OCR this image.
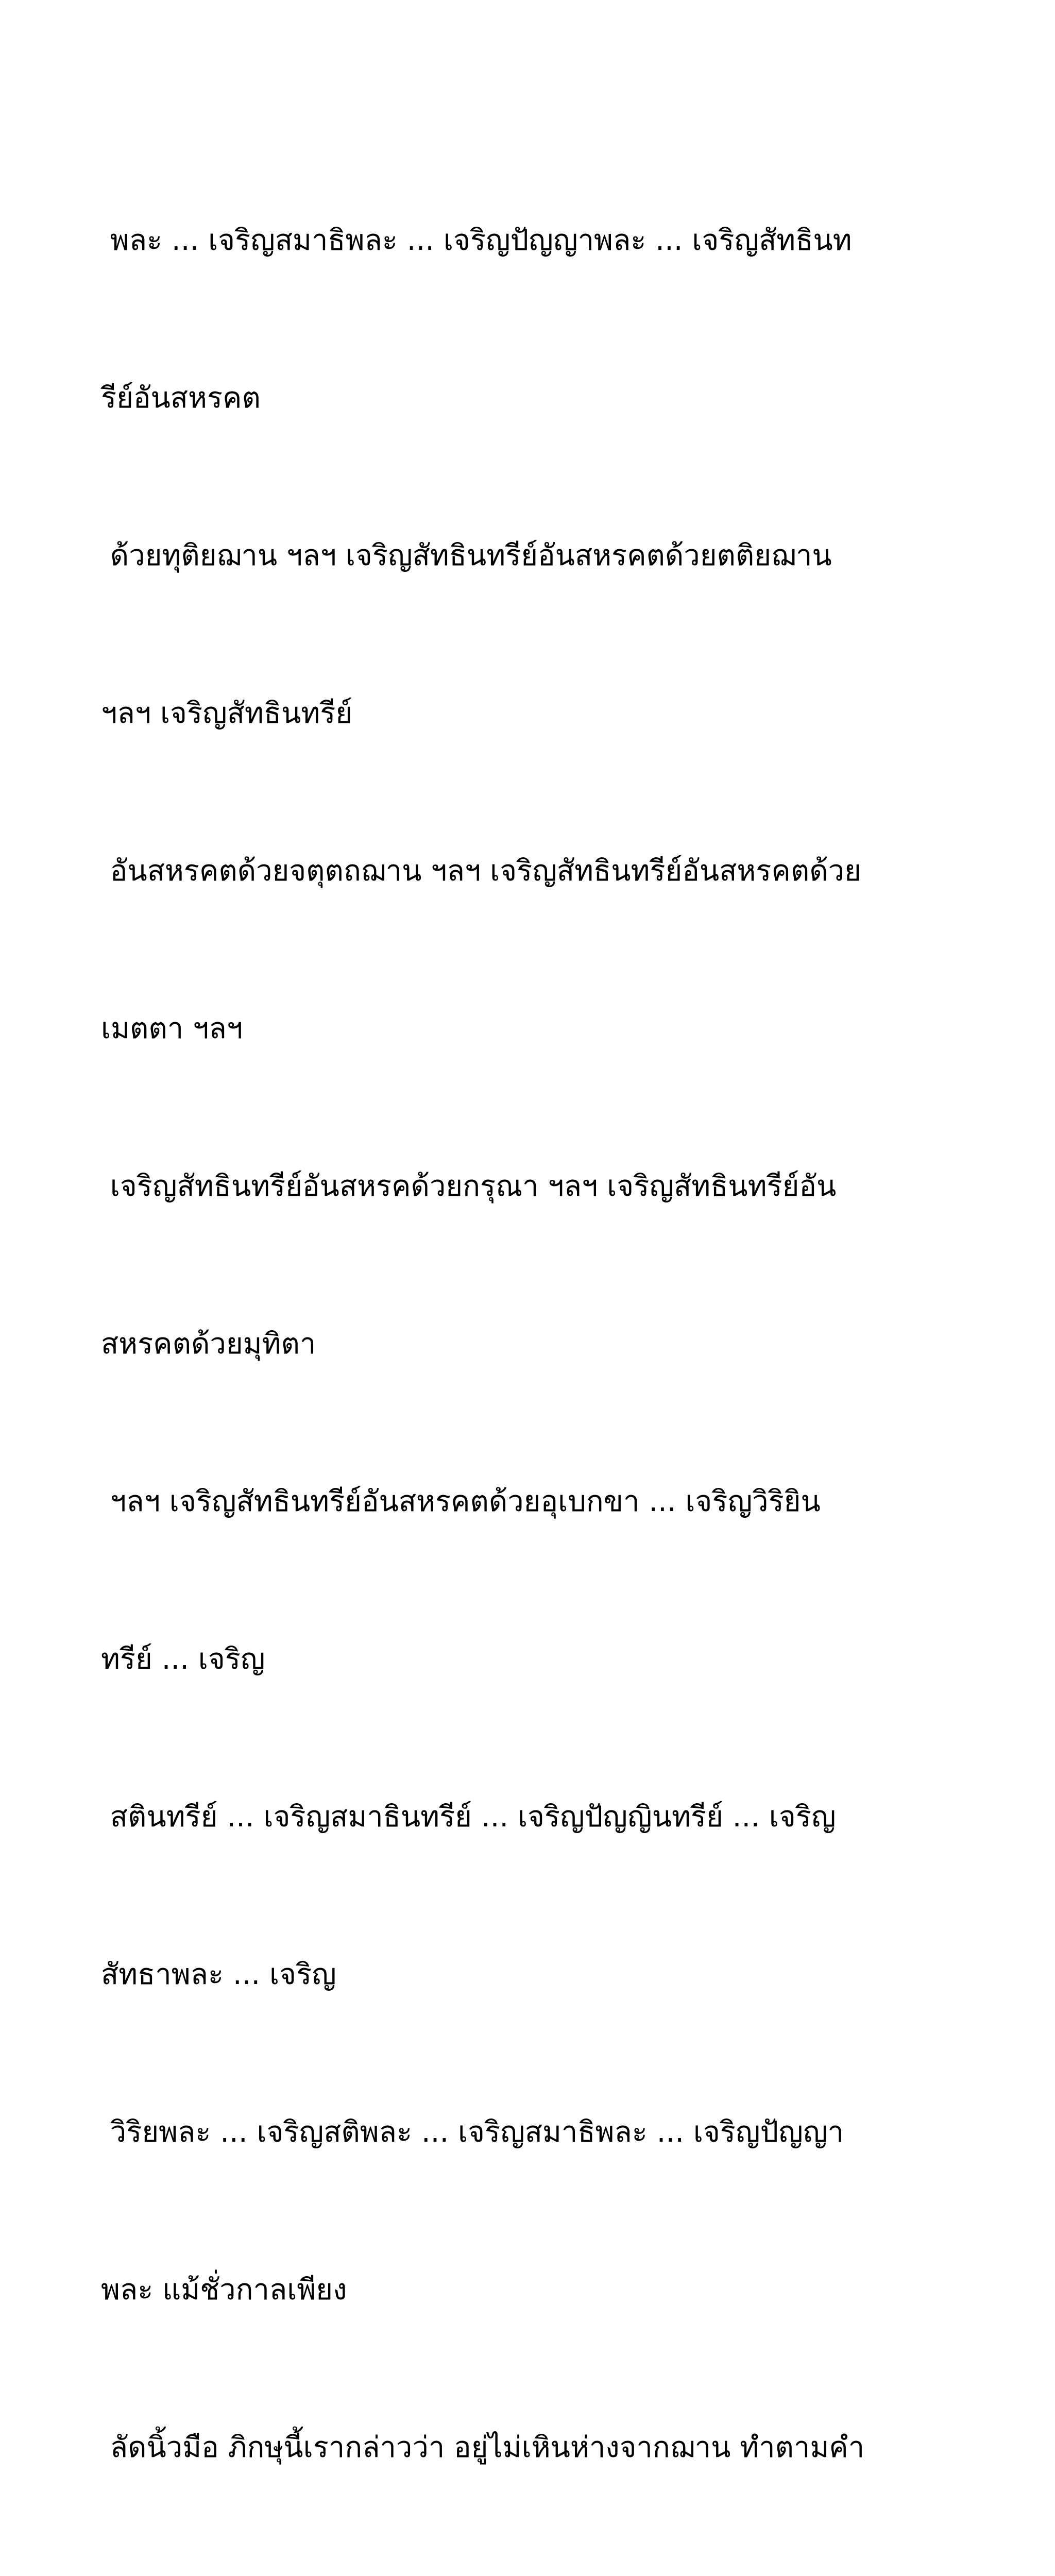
พละ ... เจริญสมาธิพละ ... เจริญปัญญาพละ ... เจริญสัทธินท

รีย์อันสหรคต

ด้วยทุติยฌาน ฯลฯ เจริญสัทธินทรีย์อันสหรคตด้วยตติยฌาน

ฯลฯ เจริญสัทธินทรีย์

อันสหรคตด้วยจตุตถฌาน ฯลฯ เจริญสัทธินทรีย์อันสหรคตด้วย

เมตตา ฯลฯ

เจริญสัทธินทรีย์อันสหรคด้วยกรุณา ฯลฯ เจริญสัทธินทรีย์อัน

สหรคตด้วยมุทิตา

ฯลฯ เจริญสัทธินทรีย์อันสหรคตด้วยอุเบกขา ... เจริญวิริยิน

ทรีย์ ... เจริญ

สตินทรีย์ ... เจริญสมาธินทรีย์ ... เจริญปัญญินทรีย์ ... เจริญ

สัทธาพละ ... เจริญ

วิริยพละ ... เจริญสติพละ ... เจริญสมาธิพละ ... เจริญปัญญา

พละ แม้ชั่วกาลเพียง

ลัดนิ้วมือ ภิกษุนี้เรากล่าวว่า อยู่ไม่เหินห่างจากฌาน ทำตามคำ
